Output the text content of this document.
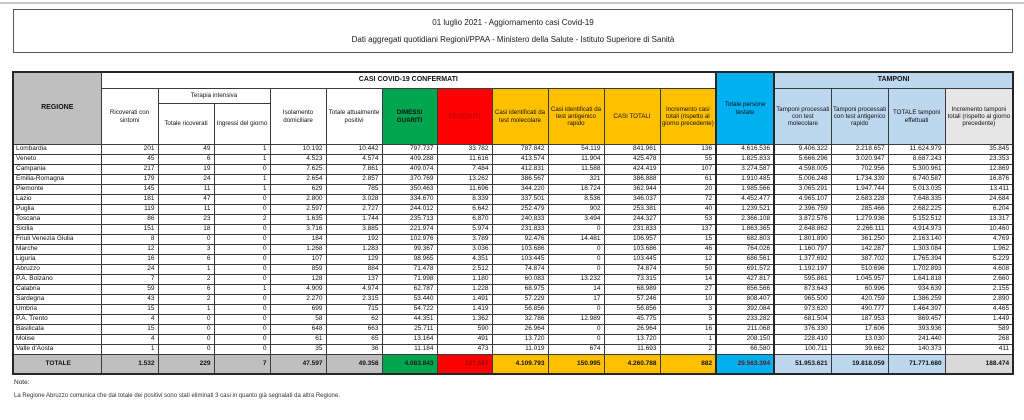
01 luglio 2021 - Aggiornamento casi Covid-19
Dati aggregati quotidiani Regioni/PPAA - Ministero della Salute - Istituto Superiore di Sanità
REGIONE	CASI COVID-19 CONFERMATI											Totale persone testate	TAMPONI			
	Ricoverati con sintomi	Terapia intensiva		Isolamento domiciliare	Totale attualmente positivi	DIMESSI GUARITI	DECEDUTI	Casi identificati da test molecolare	Casi identificati da test antigenico rapido	CASI TOTALI	Incremento casi totali (rispetto al giorno precedente)		Tamponi processati con test molecolare	Tamponi processati con test antigenico rapido	TOTALE tamponi effettuati	Incremento tamponi totali (rispetto al giorno precedente)
		Totale ricoverati	Ingressi del giorno													
Lombardia	201	49	1	10.192	10.442	797.737	33.782	787.842	54.119	841.961	136	4.616.536	9.406.322	2.218.657	11.624.979	35.845
Veneto	45	6	1	4.523	4.574	409.288	11.616	413.574	11.904	425.478	55	1.825.833	5.666.296	3.020.947	8.687.243	23.353
Campania	217	19	0	7.625	7.861	409.074	7.484	412.831	11.588	424.419	107	3.274.587	4.598.005	702.956	5.300.961	12.869
Emilia-Romagna	179	24	1	2.654	2.857	370.769	13.262	386.567	321	386.888	61	1.910.485	5.006.248	1.734.339	6.740.587	16.876
Piemonte	145	11	1	629	785	350.463	11.696	344.220	18.724	362.944	20	1.985.566	3.065.291	1.947.744	5.013.035	13.411
Lazio	181	47	0	2.800	3.028	334.670	8.339	337.501	8.536	346.037	72	4.452.477	4.965.107	2.683.228	7.648.335	24.684
Puglia	119	11	0	2.597	2.727	244.012	6.642	252.479	902	253.381	40	1.239.521	2.396.759	285.466	2.682.225	6.204
Toscana	86	23	2	1.635	1.744	235.713	6.870	240.833	3.494	244.327	53	2.366.108	3.872.576	1.279.936	5.152.512	13.317
Sicilia	151	18	0	3.716	3.885	221.974	5.974	231.833	0	231.833	137	1.863.365	2.648.862	2.266.111	4.914.973	10.460
Friuli Venezia Giulia	8	0	0	184	192	102.976	3.789	92.476	14.481	106.957	15	682.803	1.801.890	361.250	2.163.140	4.769
Marche	12	3	0	1.268	1.283	99.367	3.036	103.686	0	103.686	46	764.026	1.160.797	142.287	1.303.084	1.962
Liguria	16	6	0	107	129	98.965	4.351	103.445	0	103.445	12	686.561	1.377.692	387.702	1.765.394	5.229
Abruzzo	24	1	0	859	884	71.478	2.512	74.874	0	74.874	50	691.572	1.192.197	510.696	1.702.893	4.608
P.A. Bolzano	7	2	0	128	137	71.998	1.180	60.083	13.232	73.315	14	427.817	595.861	1.045.957	1.641.818	2.660
Calabria	59	6	1	4.909	4.974	62.787	1.228	68.975	14	68.989	27	856.566	873.643	60.996	934.639	2.155
Sardegna	43	2	0	2.270	2.315	53.440	1.491	57.229	17	57.246	10	808.407	965.500	420.759	1.386.259	2.890
Umbria	15	1	0	699	715	54.722	1.419	56.856	0	56.856	3	392.084	973.620	490.777	1.464.397	4.465
P.A. Trento	4	0	0	58	62	44.351	1.362	32.786	12.989	45.775	5	233.282	681.504	187.953	869.457	1.449
Basilicata	15	0	0	648	663	25.711	590	26.964	0	26.964	16	211.068	376.330	17.606	393.936	589
Molise	4	0	0	61	65	13.164	491	13.720	0	13.720	1	208.150	228.410	13.030	241.440	268
Valle d'Aosta	1	0	0	35	36	11.184	473	11.019	674	11.693	2	66.580	100.711	39.662	140.373	411
TOTALE	1.532	229	7	47.597	49.358	4.083.843	127.587	4.109.793	150.995	4.260.788	882	29.563.394	51.953.621	19.818.059	71.771.680	188.474
Note:
La Regione Abruzzo comunica che dal totale dei positivi sono stati eliminati 3 casi in quanto già segnalati da altra Regione.
